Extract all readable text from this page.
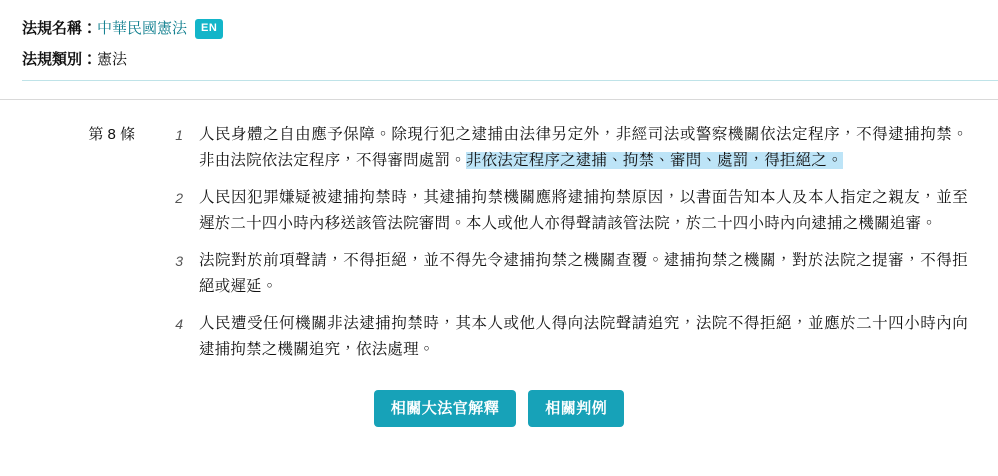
法規名稱： 中華民國憲法	EN
法規類別： 憲法
第 8 條	1	人民身體之自由應予保障。除現行犯之逮捕由法律另定外，非經司法或警察機關依法定程序，不得逮捕拘禁。非由法院依法定程序，不得審問處罰。非依法定程序之逮捕、拘禁、審問、處罰，得拒絕之。
2	人民因犯罪嫌疑被逮捕拘禁時，其逮捕拘禁機關應將逮捕拘禁原因，以書面告知本人及本人指定之親友，並至遲於二十四小時內移送該管法院審問。本人或他人亦得聲請該管法院，於二十四小時內向逮捕之機關追審。
3	法院對於前項聲請，不得拒絕，並不得先令逮捕拘禁之機關查覆。逮捕拘禁之機關，對於法院之提審，不得拒絕或遲延。
4	人民遭受任何機關非法逮捕拘禁時，其本人或他人得向法院聲請追究，法院不得拒絕，並應於二十四小時內向逮捕拘禁之機關追究，依法處理。
相關大法官解釋	相關判例
